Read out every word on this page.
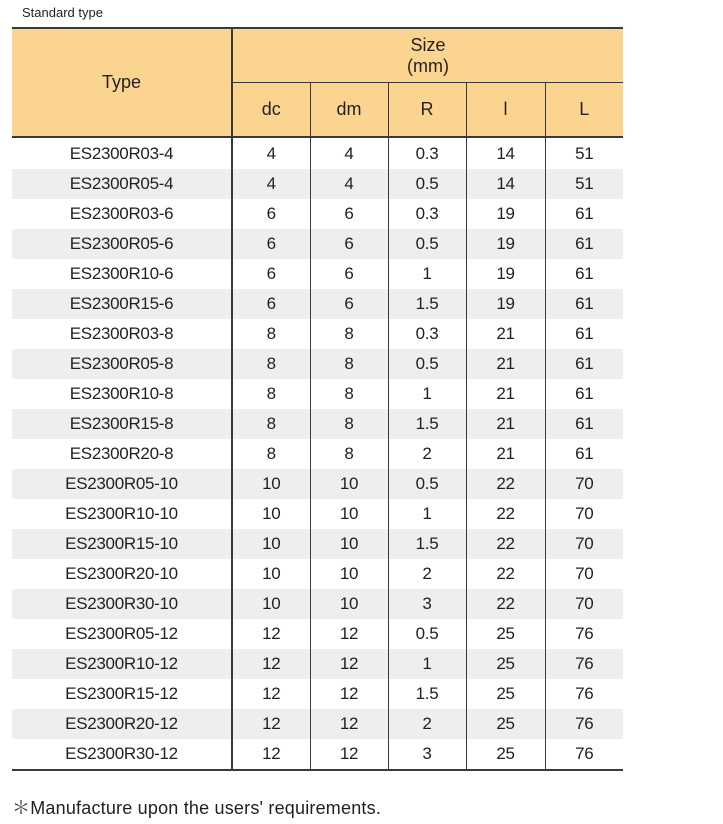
Standard type
Type	Size
(mm)				

	dc	dm	R	l	L
ES2300R03-4	4	4	0.3	14	51
ES2300R05-4	4	4	0.5	14	51
ES2300R03-6	6	6	0.3	19	61
ES2300R05-6	6	6	0.5	19	61
ES2300R10-6	6	6	1	19	61
ES2300R15-6	6	6	1.5	19	61
ES2300R03-8	8	8	0.3	21	61
ES2300R05-8	8	8	0.5	21	61
ES2300R10-8	8	8	1	21	61
ES2300R15-8	8	8	1.5	21	61
ES2300R20-8	8	8	2	21	61
ES2300R05-10	10	10	0.5	22	70
ES2300R10-10	10	10	1	22	70
ES2300R15-10	10	10	1.5	22	70
ES2300R20-10	10	10	2	22	70
ES2300R30-10	10	10	3	22	70
ES2300R05-12	12	12	0.5	25	76
ES2300R10-12	12	12	1	25	76
ES2300R15-12	12	12	1.5	25	76
ES2300R20-12	12	12	2	25	76
ES2300R30-12	12	12	3	25	76
＊Manufacture upon the users' requirements.
